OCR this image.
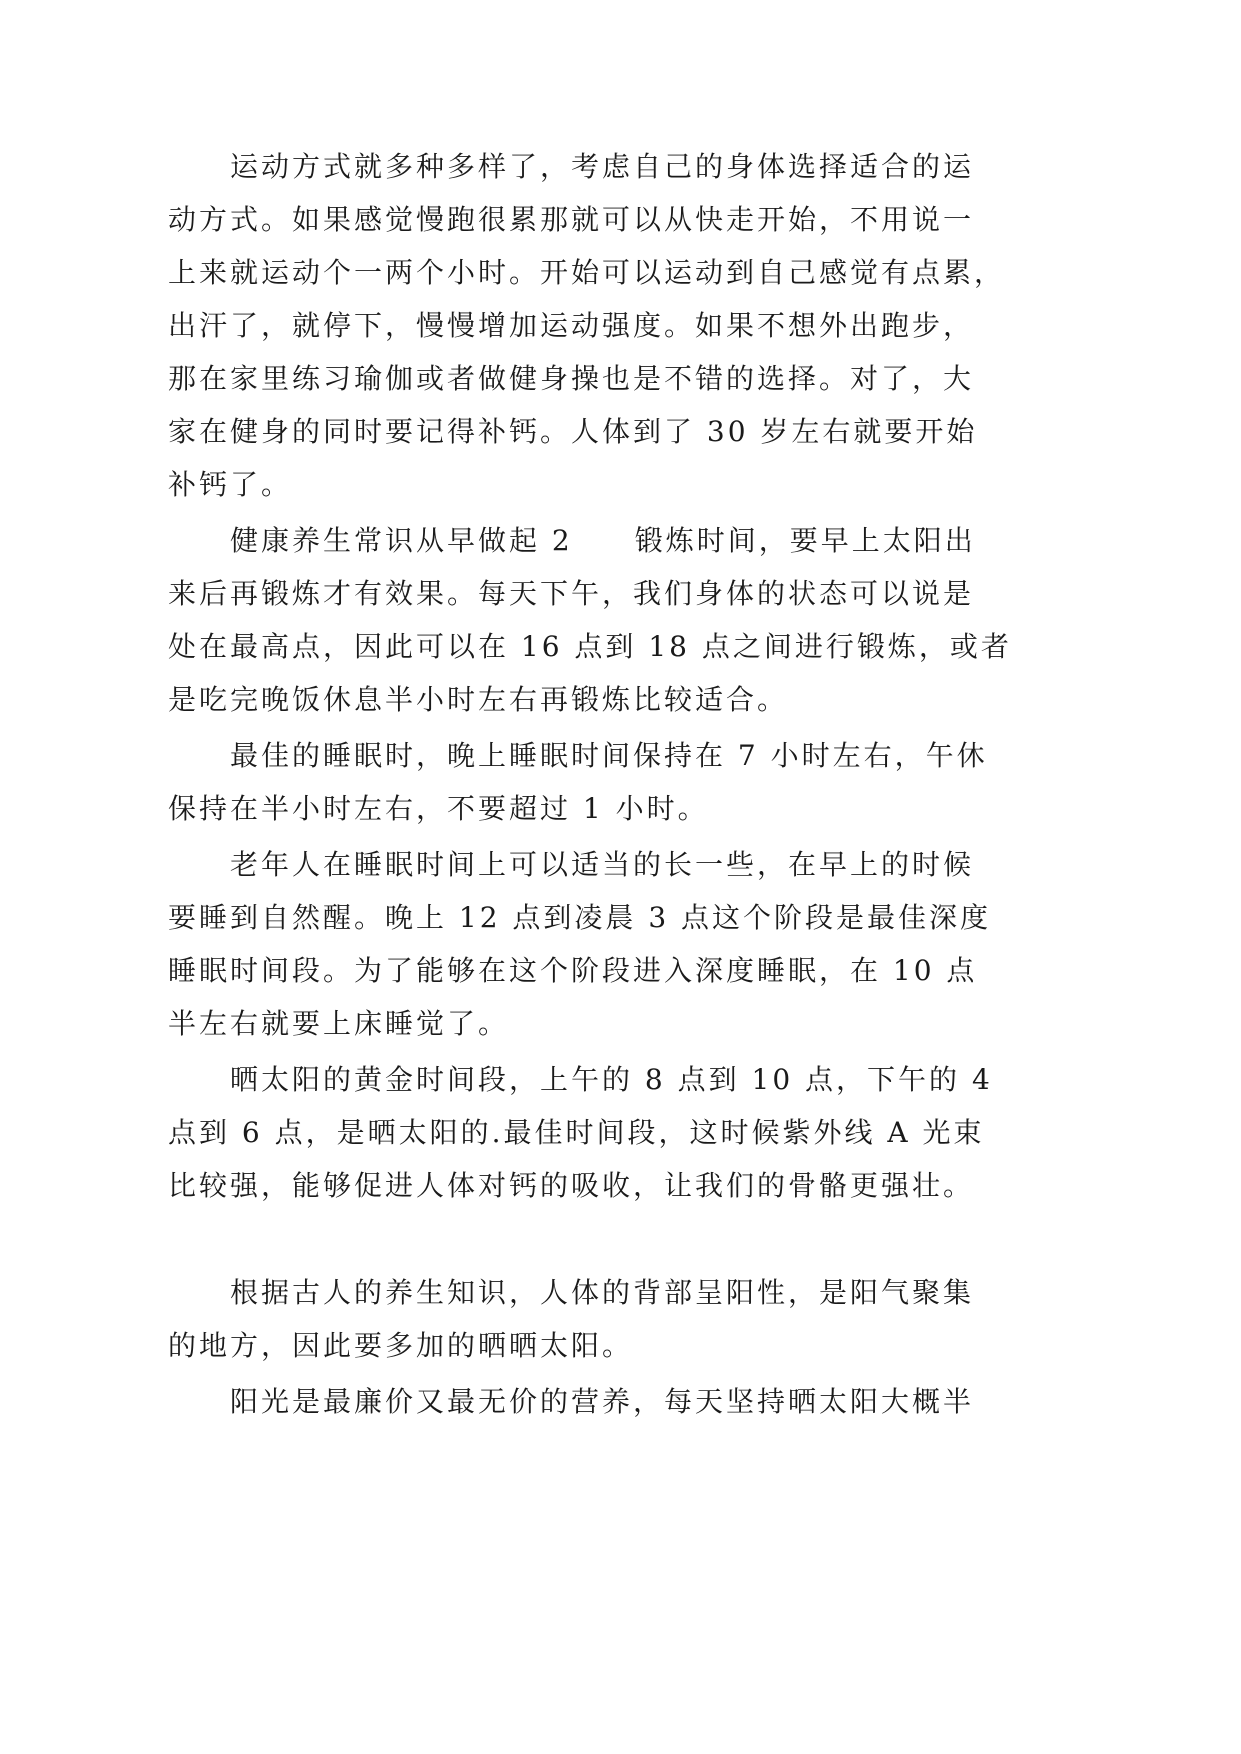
运动方式就多种多样了，考虑自己的身体选择适合的运
动方式。如果感觉慢跑很累那就可以从快走开始，不用说一
上来就运动个一两个小时。开始可以运动到自己感觉有点累，
出汗了，就停下，慢慢增加运动强度。如果不想外出跑步，
那在家里练习瑜伽或者做健身操也是不错的选择。对了，大
家在健身的同时要记得补钙。人体到了 30 岁左右就要开始
补钙了。
健康养生常识从早做起 2　　锻炼时间，要早上太阳出
来后再锻炼才有效果。每天下午，我们身体的状态可以说是
处在最高点，因此可以在 16 点到 18 点之间进行锻炼，或者
是吃完晚饭休息半小时左右再锻炼比较适合。
最佳的睡眠时，晚上睡眠时间保持在 7 小时左右，午休
保持在半小时左右，不要超过 1 小时。
老年人在睡眠时间上可以适当的长一些，在早上的时候
要睡到自然醒。晚上 12 点到凌晨 3 点这个阶段是最佳深度
睡眠时间段。为了能够在这个阶段进入深度睡眠，在 10 点
半左右就要上床睡觉了。
晒太阳的黄金时间段，上午的 8 点到 10 点，下午的 4
点到 6 点，是晒太阳的.最佳时间段，这时候紫外线 A 光束
比较强，能够促进人体对钙的吸收，让我们的骨骼更强壮。
根据古人的养生知识，人体的背部呈阳性，是阳气聚集
的地方，因此要多加的晒晒太阳。
阳光是最廉价又最无价的营养，每天坚持晒太阳大概半
